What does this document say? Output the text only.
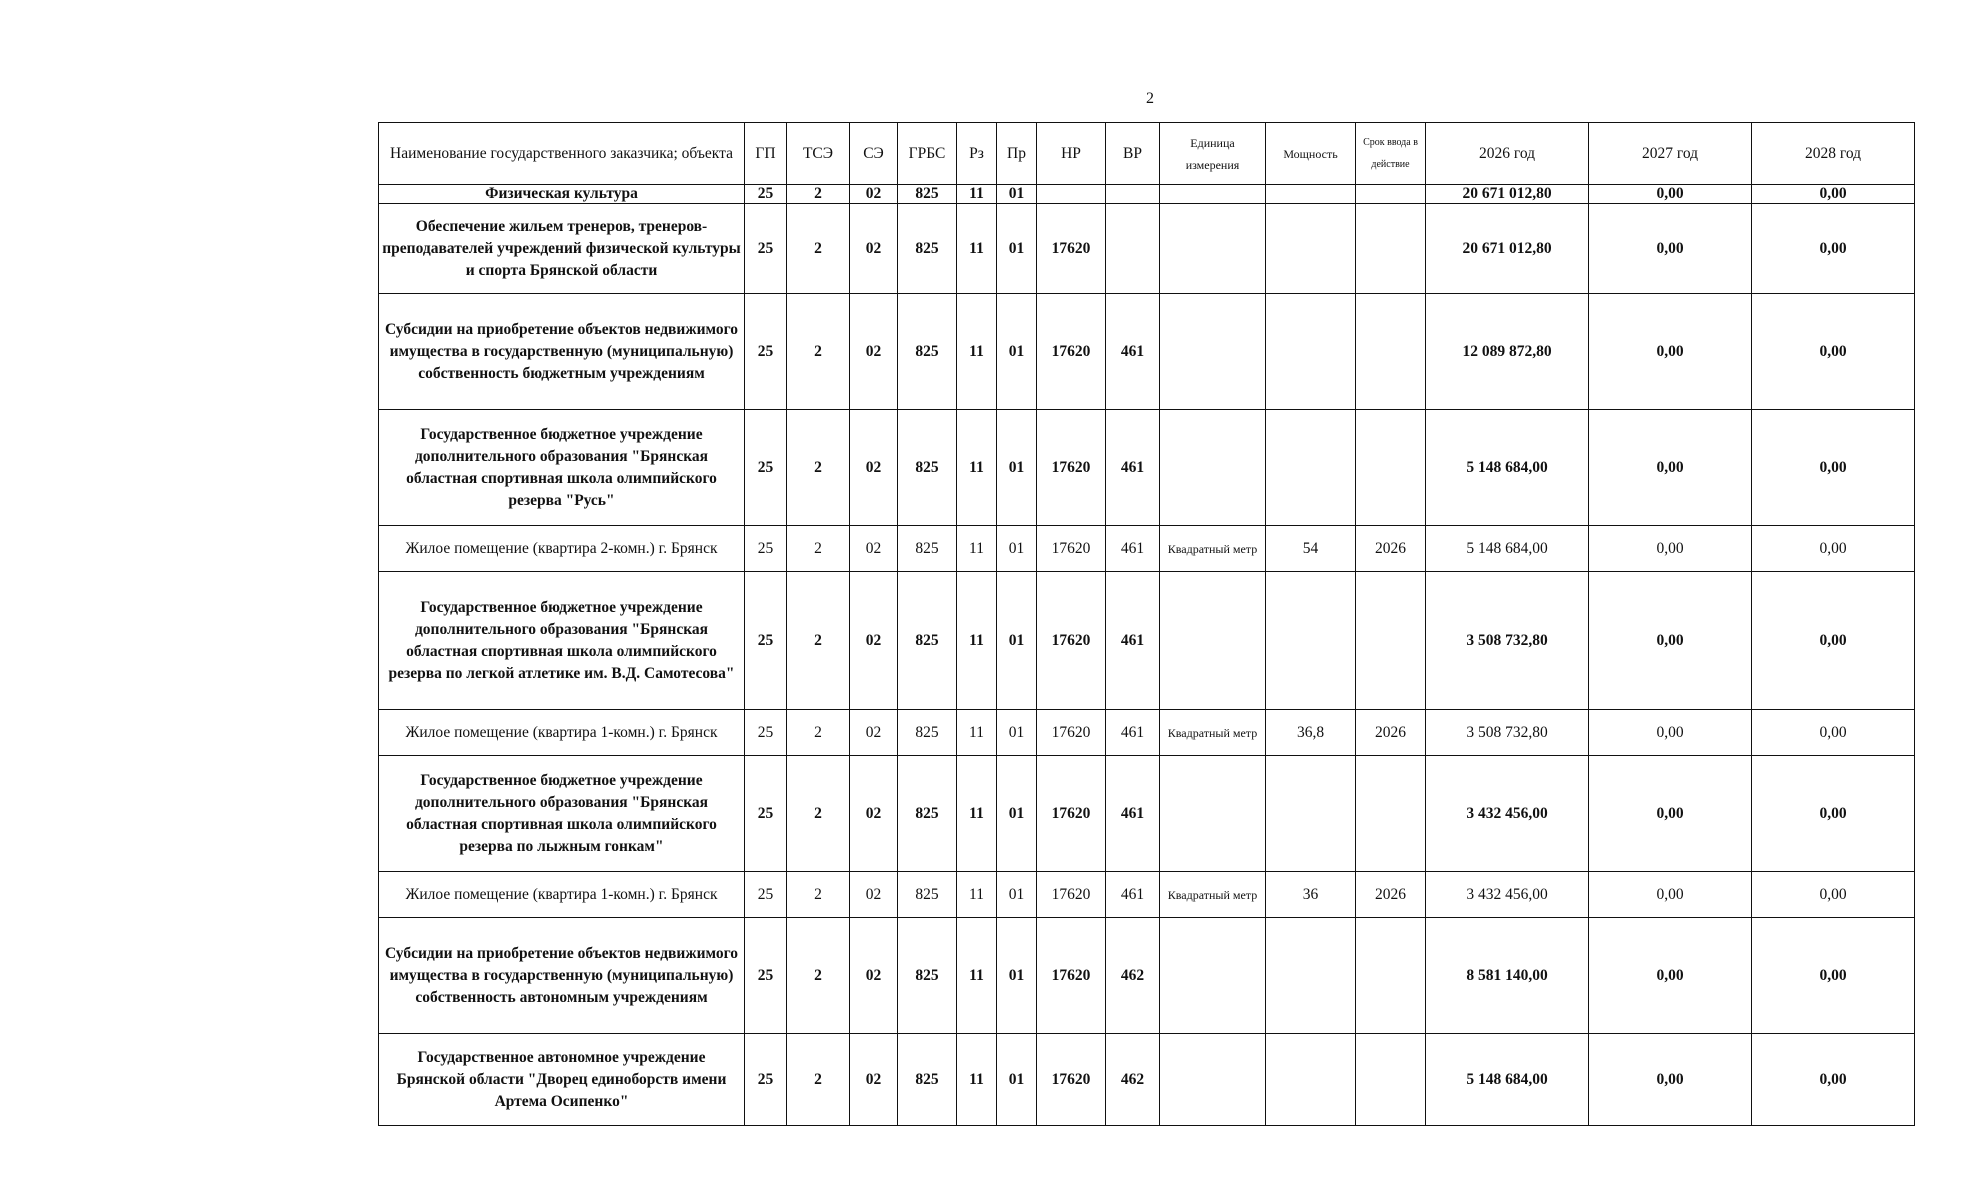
2
Наименование государственного заказчика; объекта	ГП	ТСЭ	СЭ	ГРБС	Рз	Пр	НР	ВР	Единица измерения	Мощность	Срок ввода в действие	2026 год	2027 год	2028 год
Физическая культура	25	2	02	825	11	01						20 671 012,80	0,00	0,00
Обеспечение жильем тренеров, тренеров-преподавателей учреждений физической культуры и спорта Брянской области	25	2	02	825	11	01	17620					20 671 012,80	0,00	0,00
Субсидии на приобретение объектов недвижимого имущества в государственную (муниципальную) собственность бюджетным учреждениям	25	2	02	825	11	01	17620	461				12 089 872,80	0,00	0,00
Государственное бюджетное учреждение дополнительного образования "Брянская областная спортивная школа олимпийского резерва "Русь"	25	2	02	825	11	01	17620	461				5 148 684,00	0,00	0,00
Жилое помещение (квартира 2-комн.) г. Брянск	25	2	02	825	11	01	17620	461	Квадратный метр	54	2026	5 148 684,00	0,00	0,00
Государственное бюджетное учреждение дополнительного образования "Брянская областная спортивная школа олимпийского резерва по легкой атлетике им. В.Д. Самотесова"	25	2	02	825	11	01	17620	461				3 508 732,80	0,00	0,00
Жилое помещение (квартира 1-комн.) г. Брянск	25	2	02	825	11	01	17620	461	Квадратный метр	36,8	2026	3 508 732,80	0,00	0,00
Государственное бюджетное учреждение дополнительного образования "Брянская областная спортивная школа олимпийского резерва по лыжным гонкам"	25	2	02	825	11	01	17620	461				3 432 456,00	0,00	0,00
Жилое помещение (квартира 1-комн.) г. Брянск	25	2	02	825	11	01	17620	461	Квадратный метр	36	2026	3 432 456,00	0,00	0,00
Субсидии на приобретение объектов недвижимого имущества в государственную (муниципальную) собственность автономным учреждениям	25	2	02	825	11	01	17620	462				8 581 140,00	0,00	0,00
Государственное автономное учреждение Брянской области "Дворец единоборств имени Артема Осипенко"	25	2	02	825	11	01	17620	462				5 148 684,00	0,00	0,00
